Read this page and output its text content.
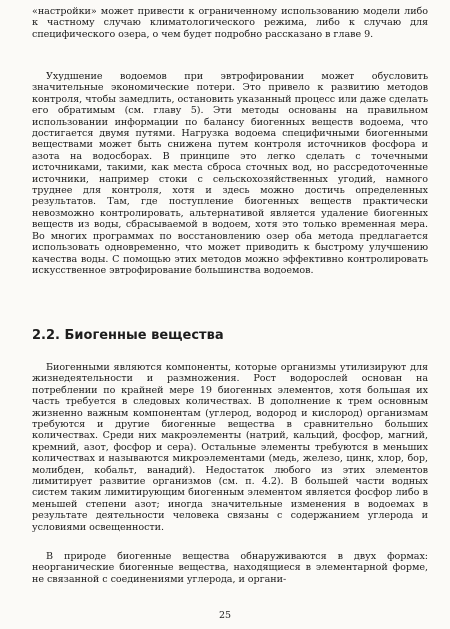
«настройки» может привести к ограниченному использованию модели либо к частному случаю климатологического режима, либо к случаю для специфического озера, о чем будет подробно рассказано в главе 9.

Ухудшение водоемов при эвтрофировании может обусловить значительные экономические потери. Это привело к развитию методов контроля, чтобы замедлить, остановить указанный процесс или даже сделать его обратимым (см. главу 5). Эти методы основаны на правильном использовании информации по балансу биогенных веществ водоема, что достигается двумя путями. Нагрузка водоема специфичными биогенными веществами может быть снижена путем контроля источников фосфора и азота на водосборах. В принципе это легко сделать с точечными источниками, такими, как места сброса сточных вод, но рассредоточенные источники, например стоки с сельскохозяйственных угодий, намного труднее для контроля, хотя и здесь можно достичь определенных результатов. Там, где поступление биогенных веществ практически невозможно контролировать, альтернативой является удаление биогенных веществ из воды, сбрасываемой в водоем, хотя это только временная мера. Во многих программах по восстановлению озер оба метода предлагается использовать одновременно, что может приводить к быстрому улучшению качества воды. С помощью этих методов можно эффективно контролировать искусственное эвтрофирование большинства водоемов.

2.2. Биогенные вещества

Биогенными являются компоненты, которые организмы утилизируют для жизнедеятельности и размножения. Рост водорослей основан на потреблении по крайней мере 19 биогенных элементов, хотя большая их часть требуется в следовых количествах. В дополнение к трем основным жизненно важным компонентам (углерод, водород и кислород) организмам требуются и другие биогенные вещества в сравнительно больших количествах. Среди них макроэлементы (натрий, кальций, фосфор, магний, кремний, азот, фосфор и сера). Остальные элементы требуются в меньших количествах и называются микроэлементами (медь, железо, цинк, хлор, бор, молибден, кобальт, ванадий). Недостаток любого из этих элементов лимитирует развитие организмов (см. п. 4.2). В большей части водных систем таким лимитирующим биогенным элементом является фосфор либо в меньшей степени азот; иногда значительные изменения в водоемах в результате деятельности человека связаны с содержанием углерода и условиями освещенности.

В природе биогенные вещества обнаруживаются в двух формах: неорганические биогенные вещества, находящиеся в элементарной форме, не связанной с соединениями углерода, и органи-

25
